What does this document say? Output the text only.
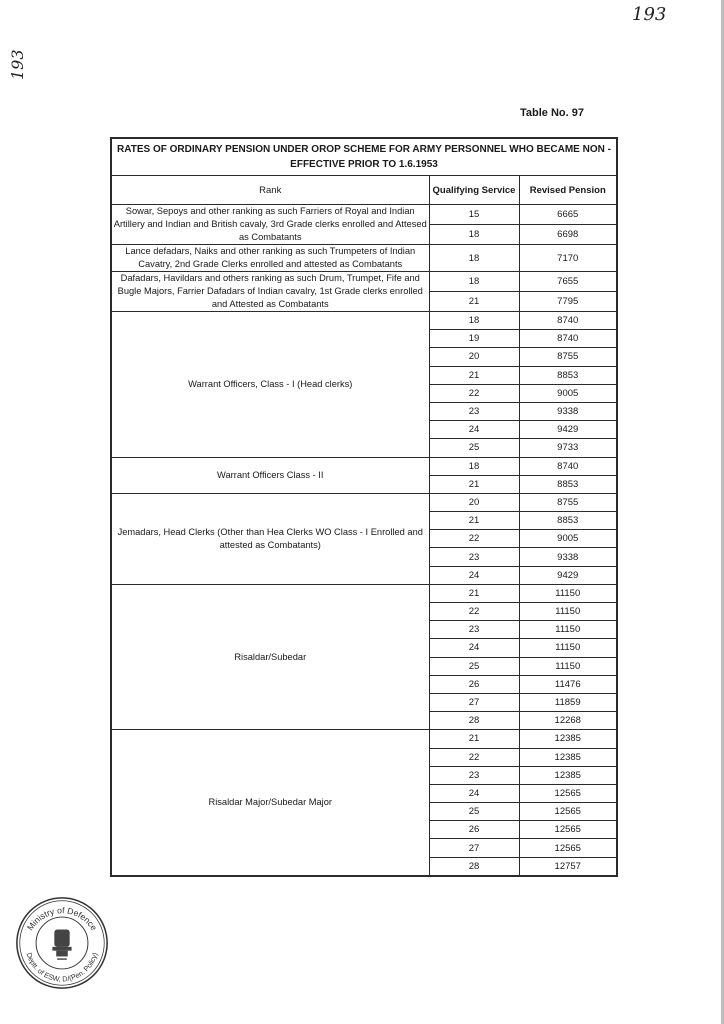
193
193
Table No. 97
RATES OF ORDINARY PENSION UNDER OROP SCHEME FOR ARMY PERSONNEL WHO BECAME NON - EFFECTIVE PRIOR TO 1.6.1953		
Rank	Qualifying Service	Revised Pension
Sowar, Sepoys and other ranking as such Farriers of Royal and Indian Artillery and Indian and British cavaly, 3rd Grade clerks enrolled and Attesed as Combatants	15	6665
	18	6698
Lance defadars, Naiks and other ranking as such Trumpeters of Indian Cavatry, 2nd Grade Clerks enrolled and attested as Combatants	18	7170
Dafadars, Havildars and others ranking as such Drum, Trumpet, Fife and Bugle Majors, Farrier Dafadars of Indian cavalry, 1st Grade clerks enrolled and Attested as Combatants	18	7655
	21	7795
Warrant Officers, Class - I (Head clerks)	18	8740
	19	8740
	20	8755
	21	8853
	22	9005
	23	9338
	24	9429
	25	9733
Warrant Officers Class - II	18	8740
	21	8853
Jemadars, Head Clerks (Other than Hea Clerks WO Class - I Enrolled and attested as Combatants)	20	8755
	21	8853
	22	9005
	23	9338
	24	9429
Risaldar/Subedar	21	11150
	22	11150
	23	11150
	24	11150
	25	11150
	26	11476
	27	11859
	28	12268
Risaldar Major/Subedar Major	21	12385
	22	12385
	23	12385
	24	12565
	25	12565
	26	12565
	27	12565
	28	12757
Ministry of Defence
Deptt. of ESW, D/(Pen. Policy)
